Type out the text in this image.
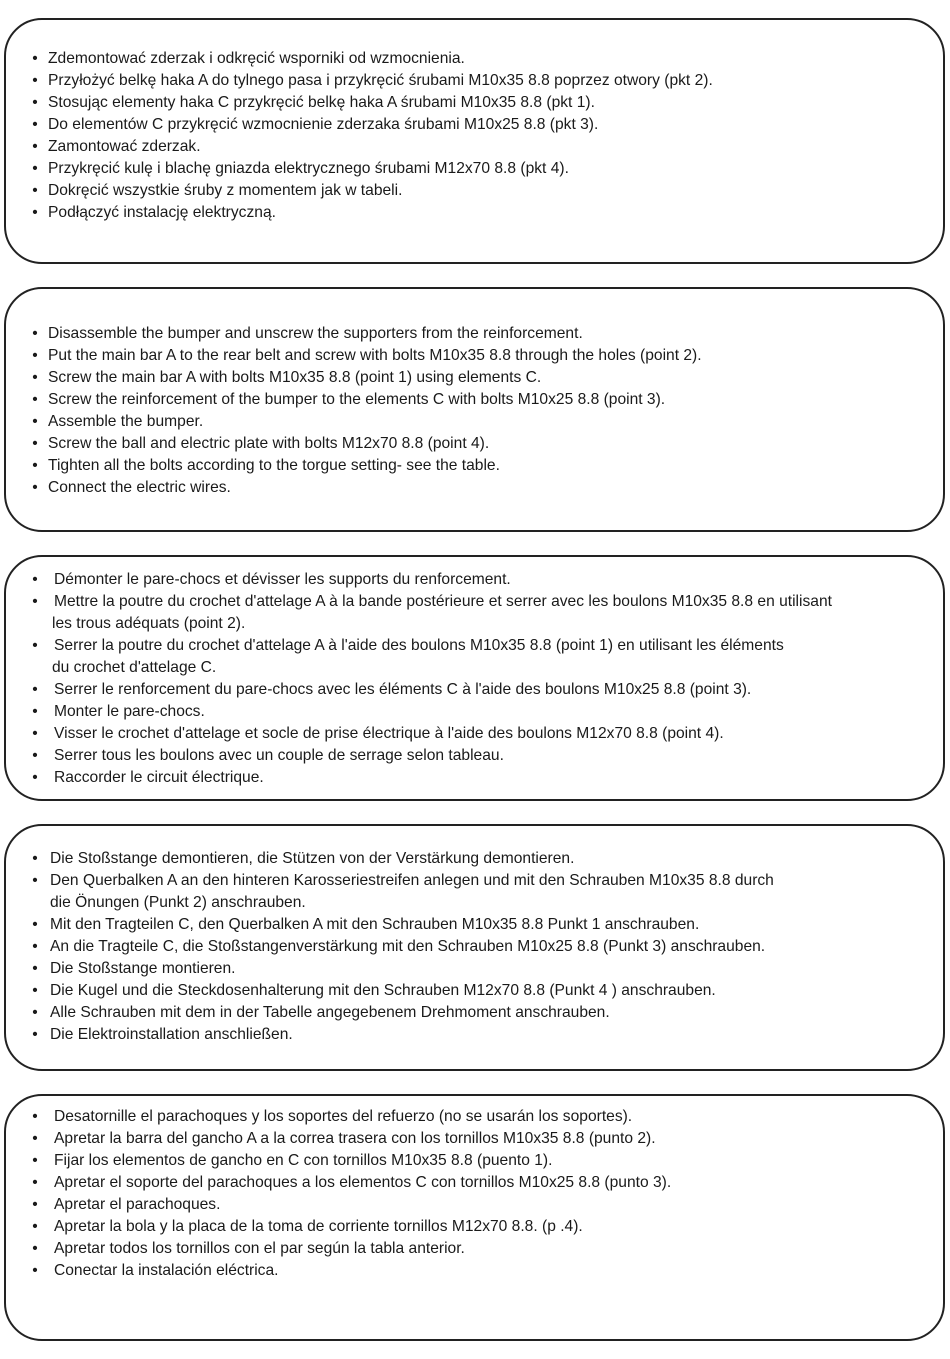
• Zdemontować zderzak i odkręcić wsporniki od wzmocnienia.
• Przyłożyć belkę haka A do tylnego pasa i przykręcić śrubami M10x35 8.8 poprzez otwory (pkt 2).
• Stosując elementy haka C przykręcić belkę haka A śrubami M10x35 8.8 (pkt 1).
• Do elementów C przykręcić wzmocnienie zderzaka śrubami M10x25 8.8 (pkt 3).
• Zamontować zderzak.
• Przykręcić kulę i blachę gniazda elektrycznego śrubami M12x70 8.8 (pkt 4).
• Dokręcić wszystkie śruby z momentem jak w tabeli.
• Podłączyć instalację elektryczną.
• Disassemble the bumper and unscrew the supporters from the reinforcement.
• Put the main bar A to the rear belt and screw with bolts M10x35 8.8 through the holes (point 2).
• Screw the main bar A with bolts M10x35 8.8 (point 1) using elements C.
• Screw the reinforcement of the bumper to the elements C with bolts M10x25 8.8 (point 3).
• Assemble the bumper.
• Screw the ball and electric plate with bolts M12x70 8.8 (point 4).
• Tighten all the bolts according to the torgue setting- see the table.
• Connect the electric wires.
• Démonter le pare-chocs et dévisser les supports du renforcement.
• Mettre la poutre du crochet d'attelage A à la bande postérieure et serrer avec les boulons M10x35 8.8 en utilisant
les trous adéquats (point 2).
• Serrer la poutre du crochet d'attelage A à l'aide des boulons M10x35 8.8 (point 1) en utilisant les éléments
du crochet d'attelage C.
• Serrer le renforcement du pare-chocs avec les éléments C à l'aide des boulons M10x25 8.8 (point 3).
• Monter le pare-chocs.
• Visser le crochet d'attelage et socle de prise électrique à l'aide des boulons M12x70 8.8 (point 4).
• Serrer tous les boulons avec un couple de serrage selon tableau.
• Raccorder le circuit électrique.
• Die Stoßstange demontieren, die Stützen von der Verstärkung demontieren.
• Den Querbalken A an den hinteren Karosseriestreifen anlegen und mit den Schrauben M10x35 8.8 durch
die Önungen (Punkt 2) anschrauben.
• Mit den Tragteilen C, den Querbalken A mit den Schrauben M10x35 8.8 Punkt 1 anschrauben.
• An die Tragteile C, die Stoßstangenverstärkung mit den Schrauben M10x25 8.8 (Punkt 3) anschrauben.
• Die Stoßstange montieren.
• Die Kugel und die Steckdosenhalterung mit den Schrauben M12x70 8.8 (Punkt 4 ) anschrauben.
• Alle Schrauben mit dem in der Tabelle angegebenem Drehmoment anschrauben.
• Die Elektroinstallation anschließen.
• Desatornille el parachoques y los soportes del refuerzo (no se usarán los soportes).
• Apretar la barra del gancho A a la correa trasera con los tornillos M10x35 8.8 (punto 2).
• Fijar los elementos de gancho en C con tornillos M10x35 8.8 (puento 1).
• Apretar el soporte del parachoques a los elementos C con tornillos M10x25 8.8 (punto 3).
• Apretar el parachoques.
• Apretar la bola y la placa de la toma de corriente tornillos M12x70 8.8. (p .4).
• Apretar todos los tornillos con el par según la tabla anterior.
• Conectar la instalación eléctrica.
